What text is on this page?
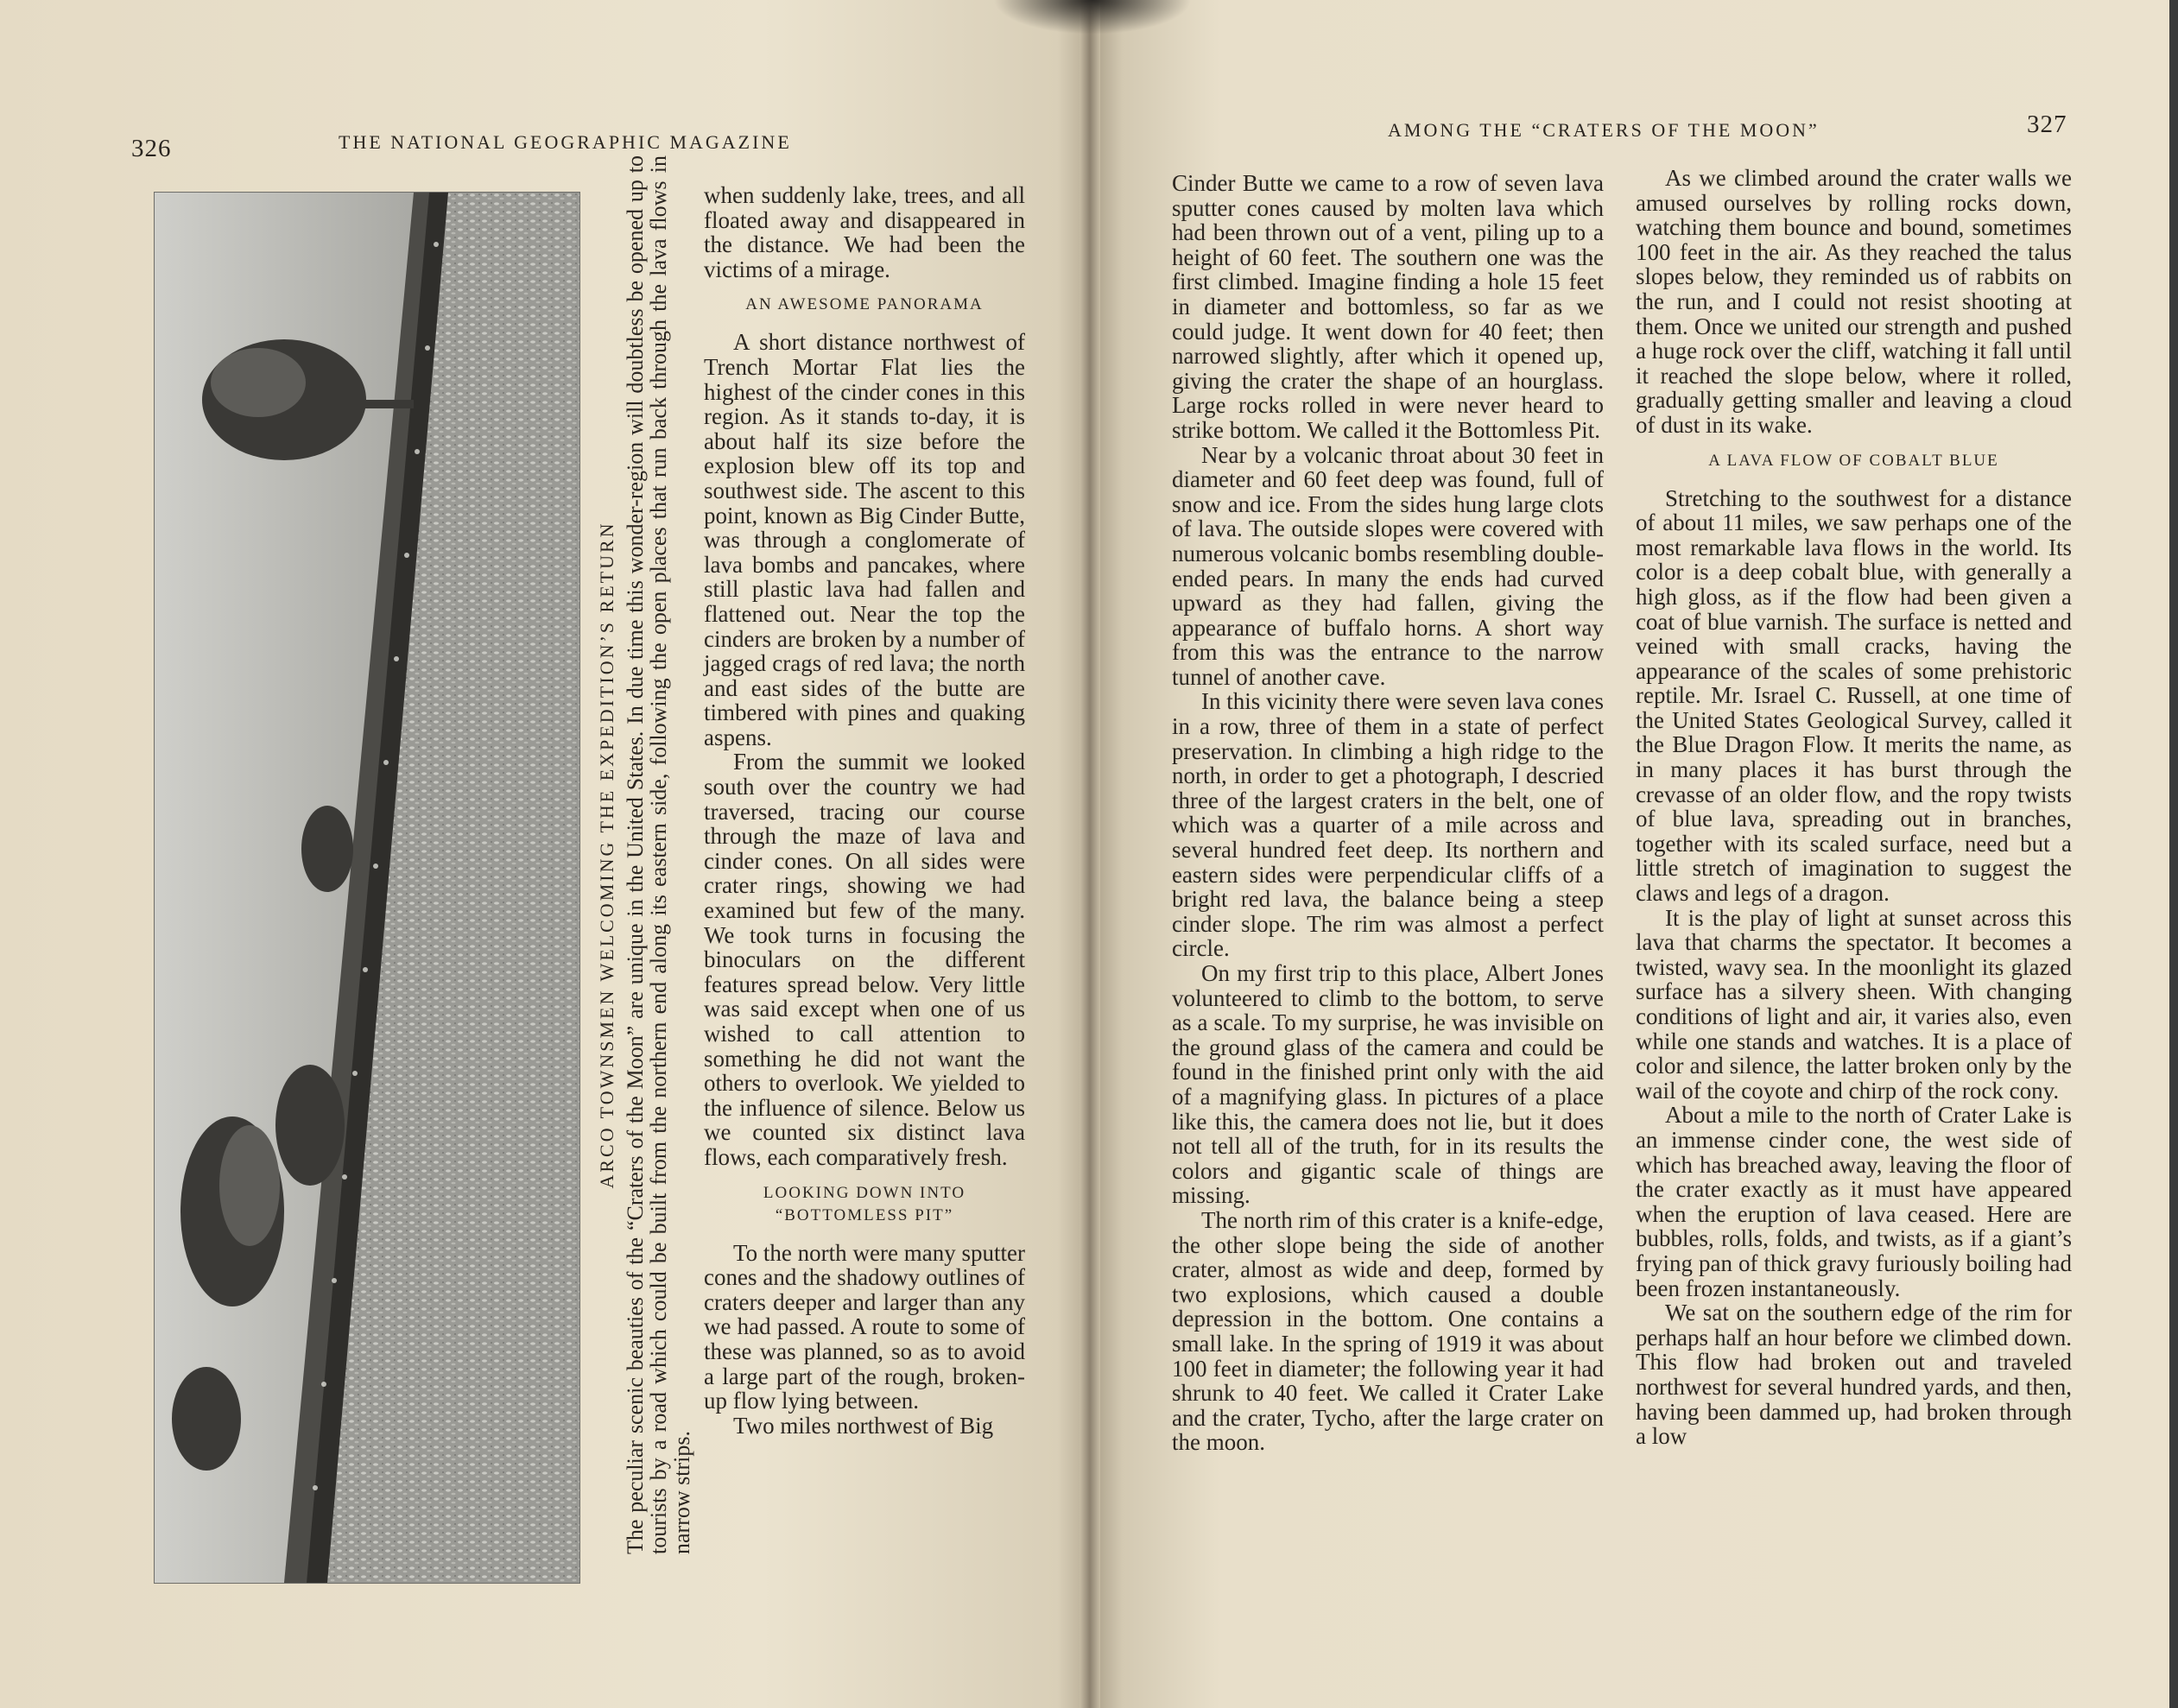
326	THE NATIONAL GEOGRAPHIC MAGAZINE
ARCO TOWNSMEN WELCOMING THE EXPEDITION’S RETURN The peculiar scenic beauties of the “Craters of the Moon” are unique in the United States. In due time this wonder-region will doubtless be opened up to tourists by a road which could be built from the northern end along its eastern side, following the open places that run back through the lava flows in narrow strips.

when suddenly lake, trees, and all floated away and disappeared in the distance. We had been the victims of a mirage.

AN AWESOME PANORAMA

A short distance northwest of Trench Mortar Flat lies the highest of the cinder cones in this region. As it stands to-day, it is about half its size before the explosion blew off its top and southwest side. The ascent to this point, known as Big Cinder Butte, was through a conglomerate of lava bombs and pancakes, where still plastic lava had fallen and flattened out. Near the top the cinders are broken by a number of jagged crags of red lava; the north and east sides of the butte are timbered with pines and quaking aspens.

From the summit we looked south over the country we had traversed, tracing our course through the maze of lava and cinder cones. On all sides were crater rings, showing we had examined but few of the many. We took turns in focusing the binoculars on the different features spread below. Very little was said except when one of us wished to call attention to something he did not want the others to overlook. We yielded to the influence of silence. Below us we counted six distinct lava flows, each comparatively fresh.

LOOKING DOWN INTO “BOTTOMLESS PIT”

To the north were many sputter cones and the shadowy outlines of craters deeper and larger than any we had passed. A route to some of these was planned, so as to avoid a large part of the rough, broken-up flow lying between.

Two miles northwest of Big

AMONG THE “CRATERS OF THE MOON”	327

Cinder Butte we came to a row of seven lava sputter cones caused by molten lava which had been thrown out of a vent, piling up to a height of 60 feet. The southern one was the first climbed. Imagine finding a hole 15 feet in diameter and bottomless, so far as we could judge. It went down for 40 feet; then narrowed slightly, after which it opened up, giving the crater the shape of an hourglass. Large rocks rolled in were never heard to strike bottom. We called it the Bottomless Pit.

Near by a volcanic throat about 30 feet in diameter and 60 feet deep was found, full of snow and ice. From the sides hung large clots of lava. The outside slopes were covered with numerous volcanic bombs resembling double-ended pears. In many the ends had curved upward as they had fallen, giving the appearance of buffalo horns. A short way from this was the entrance to the narrow tunnel of another cave.

In this vicinity there were seven lava cones in a row, three of them in a state of perfect preservation. In climbing a high ridge to the north, in order to get a photograph, I descried three of the largest craters in the belt, one of which was a quarter of a mile across and several hundred feet deep. Its northern and eastern sides were perpendicular cliffs of a bright red lava, the balance being a steep cinder slope. The rim was almost a perfect circle.

On my first trip to this place, Albert Jones volunteered to climb to the bottom, to serve as a scale. To my surprise, he was invisible on the ground glass of the camera and could be found in the finished print only with the aid of a magnifying glass. In pictures of a place like this, the camera does not lie, but it does not tell all of the truth, for in its results the colors and gigantic scale of things are missing.

The north rim of this crater is a knife-edge, the other slope being the side of another crater, almost as wide and deep, formed by two explosions, which caused a double depression in the bottom. One contains a small lake. In the spring of 1919 it was about 100 feet in diameter; the following year it had shrunk to 40 feet. We called it Crater Lake and the crater, Tycho, after the large crater on the moon.

As we climbed around the crater walls we amused ourselves by rolling rocks down, watching them bounce and bound, sometimes 100 feet in the air. As they reached the talus slopes below, they reminded us of rabbits on the run, and I could not resist shooting at them. Once we united our strength and pushed a huge rock over the cliff, watching it fall until it reached the slope below, where it rolled, gradually getting smaller and leaving a cloud of dust in its wake.

A LAVA FLOW OF COBALT BLUE

Stretching to the southwest for a distance of about 11 miles, we saw perhaps one of the most remarkable lava flows in the world. Its color is a deep cobalt blue, with generally a high gloss, as if the flow had been given a coat of blue varnish. The surface is netted and veined with small cracks, having the appearance of the scales of some prehistoric reptile. Mr. Israel C. Russell, at one time of the United States Geological Survey, called it the Blue Dragon Flow. It merits the name, as in many places it has burst through the crevasse of an older flow, and the ropy twists of blue lava, spreading out in branches, together with its scaled surface, need but a little stretch of imagination to suggest the claws and legs of a dragon.

It is the play of light at sunset across this lava that charms the spectator. It becomes a twisted, wavy sea. In the moonlight its glazed surface has a silvery sheen. With changing conditions of light and air, it varies also, even while one stands and watches. It is a place of color and silence, the latter broken only by the wail of the coyote and chirp of the rock cony.

About a mile to the north of Crater Lake is an immense cinder cone, the west side of which has breached away, leaving the floor of the crater exactly as it must have appeared when the eruption of lava ceased. Here are bubbles, rolls, folds, and twists, as if a giant’s frying pan of thick gravy furiously boiling had been frozen instantaneously.

We sat on the southern edge of the rim for perhaps half an hour before we climbed down. This flow had broken out and traveled northwest for several hundred yards, and then, having been dammed up, had broken through a low
